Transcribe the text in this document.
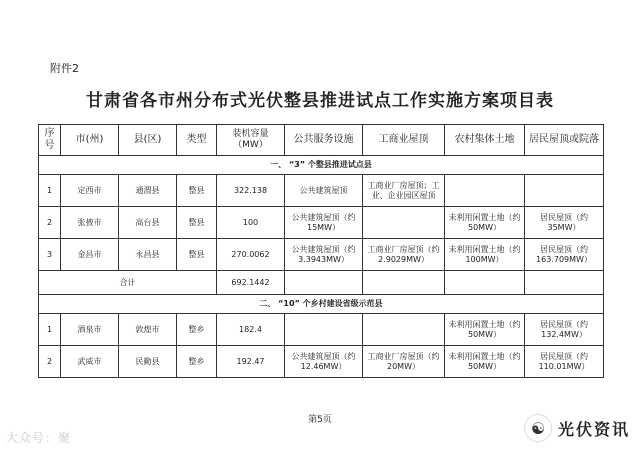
附件2
甘肃省各市州分布式光伏整县推进试点工作实施方案项目表
序号	市(州)	县(区)	类型	装机容量（MW）	公共服务设施	工商业屋顶	农村集体土地	居民屋顶或院落
一、 “3” 个整县推进试点县								
1	定西市	通渭县	整县	322.138	公共建筑屋顶	工商业厂房屋顶；工业、企业园区屋顶		
2	张掖市	高台县	整县	100	公共建筑屋顶（约15MW）		未利用闲置土地（约50MW）	居民屋顶（约35MW）
3	金昌市	永昌县	整县	270.0062	公共建筑屋顶（约3.3943MW）	工商业厂房屋顶（约2.9029MW）	未利用闲置土地（约100MW）	居民屋顶（约163.709MW）
合计				692.1442				
二、 “10” 个乡村建设省级示范县								
1	酒泉市	敦煌市	整乡	182.4			未利用闲置土地（约50MW）	居民屋顶（约132.4MW）
2	武威市	民勤县	整乡	192.47	公共建筑屋顶（约12.46MW）	工商业厂房屋顶（约20MW）	未利用闲置土地（约50MW）	居民屋顶（约110.01MW）
第5页
大众号：聚
☯ 光伏资讯
